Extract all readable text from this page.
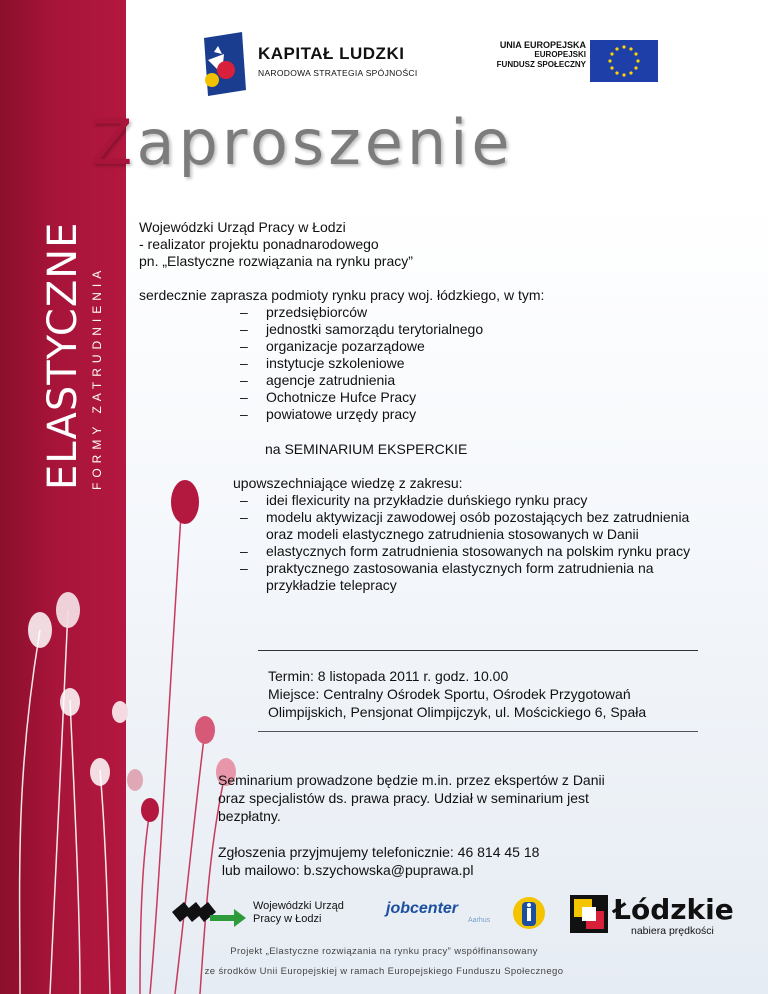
ELASTYCZNE FORMY ZATRUDNIENIA
KAPITAŁ LUDZKI
NARODOWA STRATEGIA SPÓJNOŚCI
UNIA EUROPEJSKA
EUROPEJSKI
FUNDUSZ SPOŁECZNY
Zaproszenie
Wojewódzki Urząd Pracy w Łodzi
- realizator projektu ponadnarodowego
pn. „Elastyczne rozwiązania na rynku pracy”
serdecznie zaprasza podmioty rynku pracy woj. łódzkiego, w tym:
– przedsiębiorców
– jednostki samorządu terytorialnego
– organizacje pozarządowe
– instytucje szkoleniowe
– agencje zatrudnienia
– Ochotnicze Hufce Pracy
– powiatowe urzędy pracy
na SEMINARIUM EKSPERCKIE
upowszechniające wiedzę z zakresu:
– idei flexicurity na przykładzie duńskiego rynku pracy
– modelu aktywizacji zawodowej osób pozostających bez zatrudnienia oraz modeli elastycznego zatrudnienia stosowanych w Danii
– elastycznych form zatrudnienia stosowanych na polskim rynku pracy
– praktycznego zastosowania elastycznych form zatrudnienia na przykładzie telepracy
Termin: 8 listopada 2011 r. godz. 10.00
Miejsce: Centralny Ośrodek Sportu, Ośrodek Przygotowań
Olimpijskich, Pensjonat Olimpijczyk, ul. Mościckiego 6, Spała
Seminarium prowadzone będzie m.in. przez ekspertów z Danii
oraz specjalistów ds. prawa pracy. Udział w seminarium jest
bezpłatny.
Zgłoszenia przyjmujemy telefonicznie: 46 814 45 18
lub mailowo: b.szychowska@puprawa.pl
Wojewódzki Urząd
Pracy w Łodzi
jobcenter
Aarhus	Łódzkie
nabiera prędkości
Projekt „Elastyczne rozwiązania na rynku pracy” współfinansowany
ze środków Unii Europejskiej w ramach Europejskiego Funduszu Społecznego
